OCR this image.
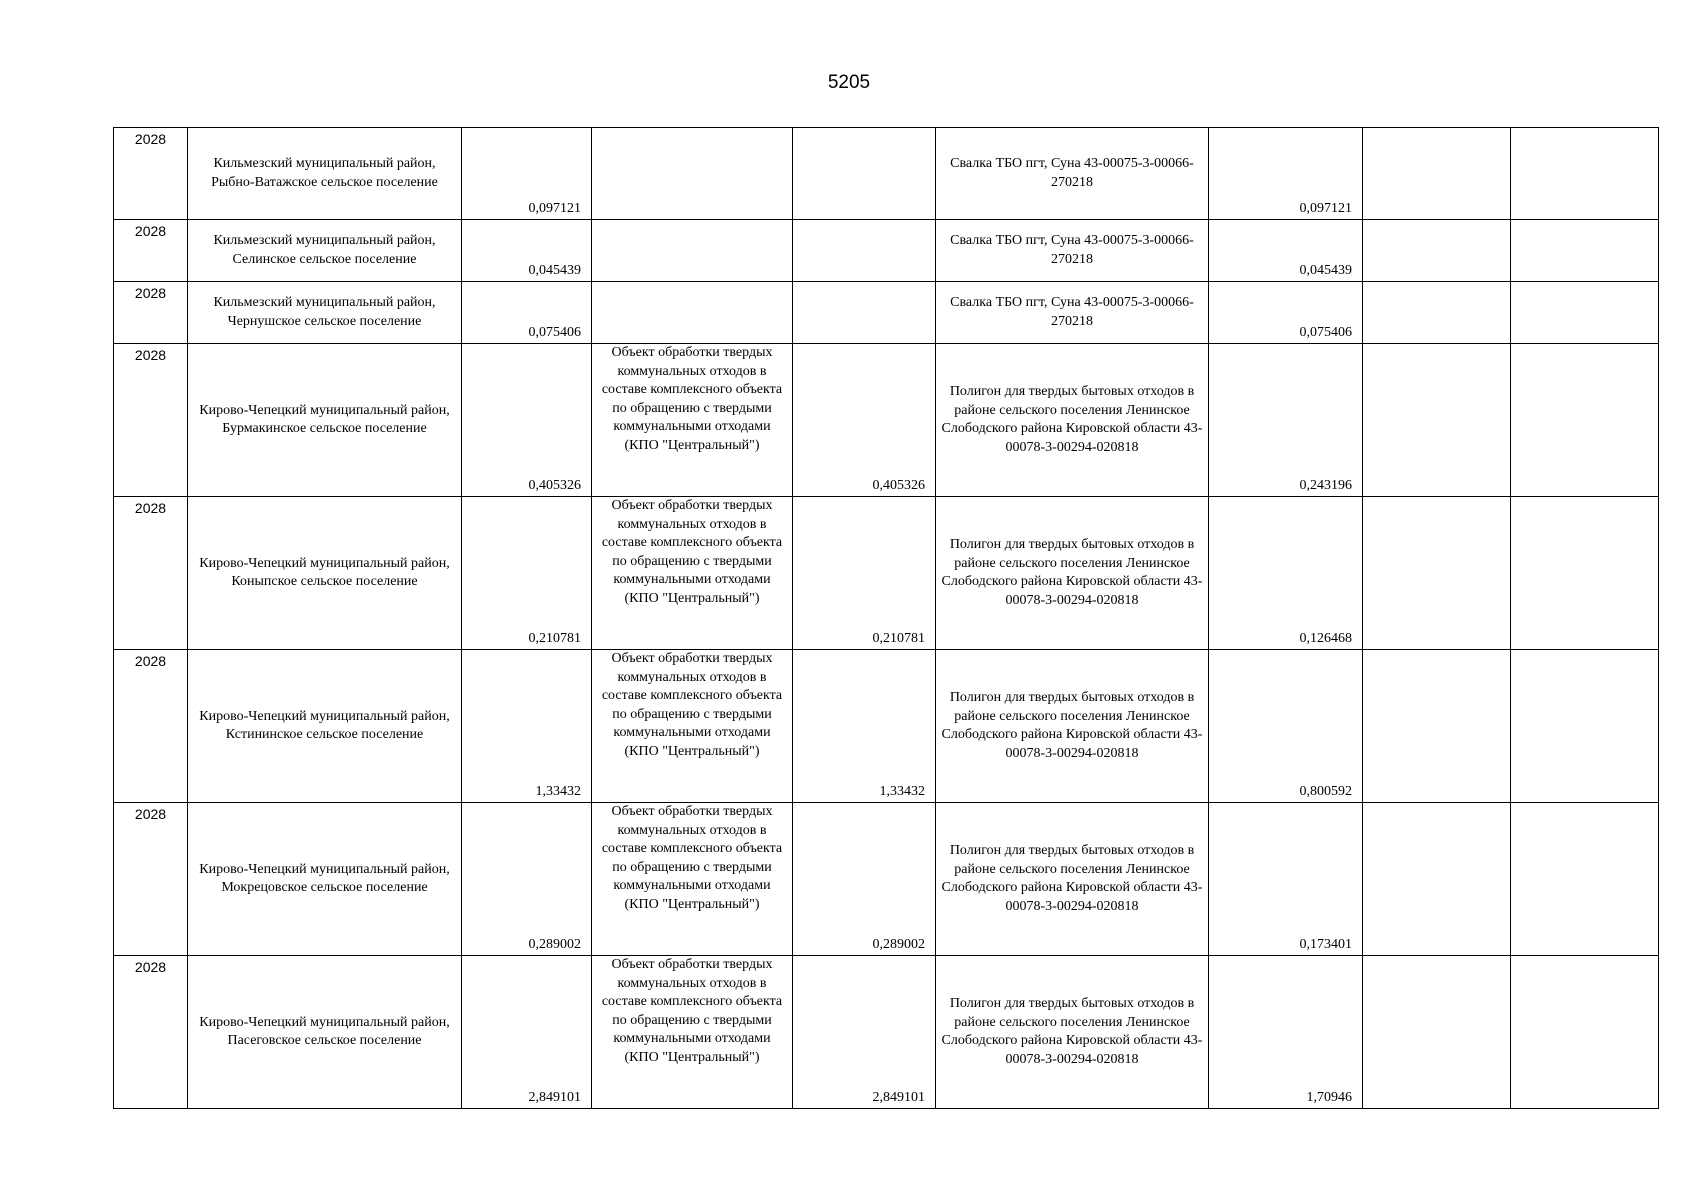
5205
2028	Кильмезский муниципальный район, Рыбно-Ватажское сельское поселение	0,097121			Свалка ТБО пгт, Суна 43-00075-3-00066-270218	0,097121		
2028	Кильмезский муниципальный район, Селинское сельское поселение	0,045439			Свалка ТБО пгт, Суна 43-00075-3-00066-270218	0,045439		
2028	Кильмезский муниципальный район, Чернушское сельское поселение	0,075406			Свалка ТБО пгт, Суна 43-00075-3-00066-270218	0,075406		
2028	Кирово-Чепецкий муниципальный район, Бурмакинское сельское поселение	0,405326	Объект обработки твердых коммунальных отходов в составе комплексного объекта по обращению с твердыми коммунальными отходами (КПО "Центральный")	0,405326	Полигон для твердых бытовых отходов в районе сельского поселения Ленинское Слободского района Кировской области 43-00078-3-00294-020818	0,243196		
2028	Кирово-Чепецкий муниципальный район, Коныпское сельское поселение	0,210781	Объект обработки твердых коммунальных отходов в составе комплексного объекта по обращению с твердыми коммунальными отходами (КПО "Центральный")	0,210781	Полигон для твердых бытовых отходов в районе сельского поселения Ленинское Слободского района Кировской области 43-00078-3-00294-020818	0,126468		
2028	Кирово-Чепецкий муниципальный район, Кстининское сельское поселение	1,33432	Объект обработки твердых коммунальных отходов в составе комплексного объекта по обращению с твердыми коммунальными отходами (КПО "Центральный")	1,33432	Полигон для твердых бытовых отходов в районе сельского поселения Ленинское Слободского района Кировской области 43-00078-3-00294-020818	0,800592		
2028	Кирово-Чепецкий муниципальный район, Мокрецовское сельское поселение	0,289002	Объект обработки твердых коммунальных отходов в составе комплексного объекта по обращению с твердыми коммунальными отходами (КПО "Центральный")	0,289002	Полигон для твердых бытовых отходов в районе сельского поселения Ленинское Слободского района Кировской области 43-00078-3-00294-020818	0,173401		
2028	Кирово-Чепецкий муниципальный район, Пасеговское сельское поселение	2,849101	Объект обработки твердых коммунальных отходов в составе комплексного объекта по обращению с твердыми коммунальными отходами (КПО "Центральный")	2,849101	Полигон для твердых бытовых отходов в районе сельского поселения Ленинское Слободского района Кировской области 43-00078-3-00294-020818	1,70946		
